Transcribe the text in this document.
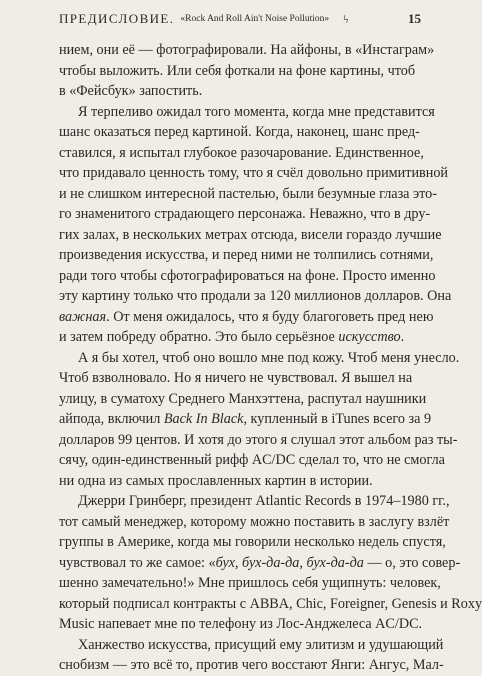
ПРЕДИСЛОВИЕ. «Rock And Roll Ain't Noise Pollution» ϟ	15
нием, они её — фотографировали. На айфоны, в «Инстаграм»
чтобы выложить. Или себя фоткали на фоне картины, чтоб
в «Фейсбук» запостить.
Я терпеливо ожидал того момента, когда мне представится
шанс оказаться перед картиной. Когда, наконец, шанс пред-
ставился, я испытал глубокое разочарование. Единственное,
что придавало ценность тому, что я счёл довольно примитивной
и не слишком интересной пастелью, были безумные глаза это-
го знаменитого страдающего персонажа. Неважно, что в дру-
гих залах, в нескольких метрах отсюда, висели гораздо лучшие
произведения искусства, и перед ними не толпились сотнями,
ради того чтобы сфотографироваться на фоне. Просто именно
эту картину только что продали за 120 миллионов долларов. Она
важная. От меня ожидалось, что я буду благоговеть пред нею
и затем побреду обратно. Это было серьёзное искусство.
А я бы хотел, чтоб оно вошло мне под кожу. Чтоб меня унесло.
Чтоб взволновало. Но я ничего не чувствовал. Я вышел на
улицу, в суматоху Среднего Манхэттена, распутал наушники
айпода, включил Back In Black, купленный в iTunes всего за 9
долларов 99 центов. И хотя до этого я слушал этот альбом раз ты-
сячу, один-единственный рифф AC/DC сделал то, что не смогла
ни одна из самых прославленных картин в истории.
Джерри Гринберг, президент Atlantic Records в 1974–1980 гг.,
тот самый менеджер, которому можно поставить в заслугу взлёт
группы в Америке, когда мы говорили несколько недель спустя,
чувствовал то же самое: «бух, бух-да-да, бух-да-да — о, это совер-
шенно замечательно!» Мне пришлось себя ущипнуть: человек,
который подписал контракты с ABBA, Chic, Foreigner, Genesis и Roxy
Music напевает мне по телефону из Лос-Анджелеса AC/DC.
Ханжество искусства, присущий ему элитизм и удушающий
снобизм — это всё то, против чего восстают Янги: Ангус, Мал-
